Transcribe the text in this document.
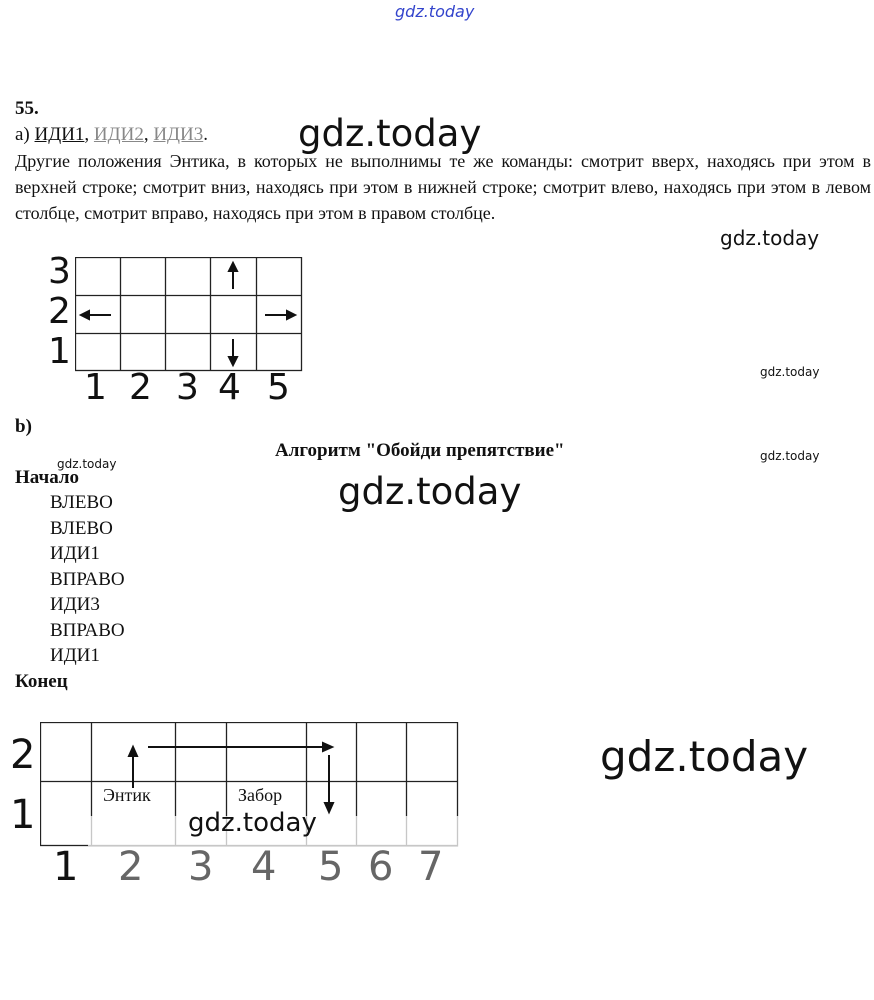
gdz.today
55.
а) ИДИ1, ИДИ2, ИДИ3. gdz.today
Другие положения Энтика, в которых не выполнимы те же команды: смотрит вверх, находясь при этом в верхней строке; смотрит вниз, находясь при этом в нижней строке; смотрит влево, находясь при этом в левом столбце, смотрит вправо, находясь при этом в правом столбце.
gdz.today
3
2
1
1 2 3 4 5	gdz.today
b)
Алгоритм "Обойди препятствие"	gdz.today
gdz.today
Начало	gdz.today
ВЛЕВО
ВЛЕВО
ИДИ1
ВПРАВО
ИДИ3
ВПРАВО
ИДИ1
Конец
2
1	Энтик	Забор
1 2 3 4 5 6 7
gdz.today
gdz.today
